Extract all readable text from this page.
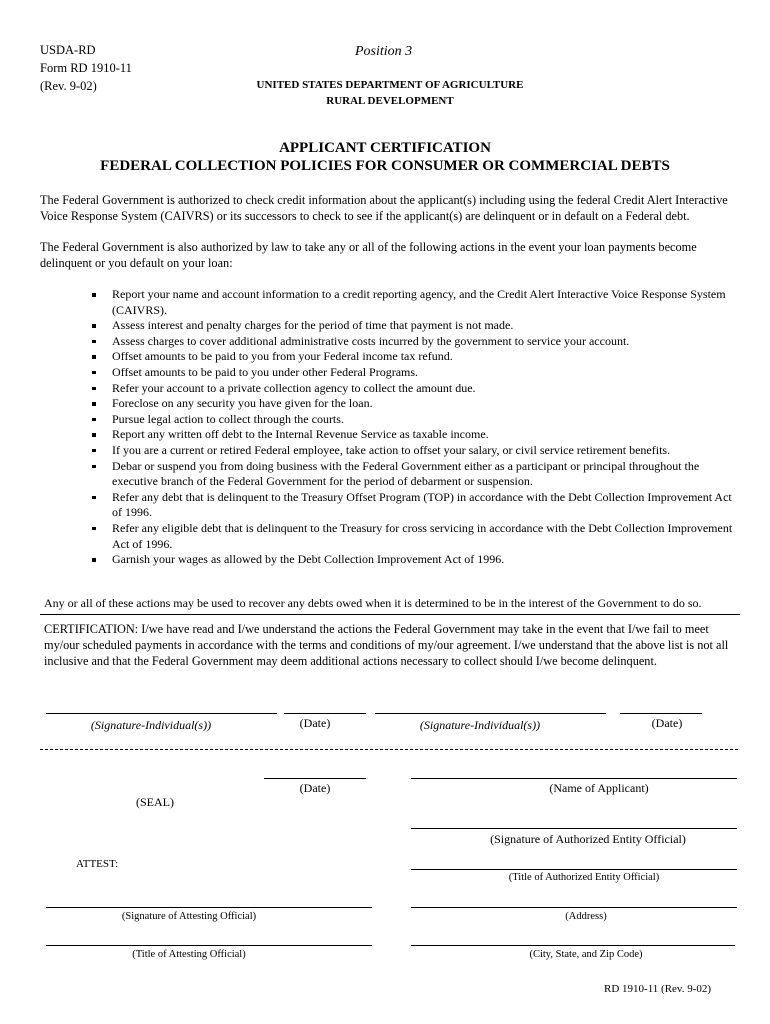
USDA-RD
Form RD 1910-11
(Rev. 9-02)
Position 3
UNITED STATES DEPARTMENT OF AGRICULTURE
RURAL DEVELOPMENT
APPLICANT CERTIFICATION
FEDERAL COLLECTION POLICIES FOR CONSUMER OR COMMERCIAL DEBTS
The Federal Government is authorized to check credit information about the applicant(s) including using the federal Credit Alert Interactive Voice Response System (CAIVRS) or its successors to check to see if the applicant(s) are delinquent or in default on a Federal debt.
The Federal Government is also authorized by law to take any or all of the following actions in the event your loan payments become delinquent or you default on your loan:
Report your name and account information to a credit reporting agency, and the Credit Alert Interactive Voice Response System (CAIVRS).
Assess interest and penalty charges for the period of time that payment is not made.
Assess charges to cover additional administrative costs incurred by the government to service your account.
Offset amounts to be paid to you from your Federal income tax refund.
Offset amounts to be paid to you under other Federal Programs.
Refer your account to a private collection agency to collect the amount due.
Foreclose on any security you have given for the loan.
Pursue legal action to collect through the courts.
Report any written off debt to the Internal Revenue Service as taxable income.
If you are a current or retired Federal employee, take action to offset your salary, or civil service retirement benefits.
Debar or suspend you from doing business with the Federal Government either as a participant or principal throughout the executive branch of the Federal Government for the period of debarment or suspension.
Refer any debt that is delinquent to the Treasury Offset Program (TOP) in accordance with the Debt Collection Improvement Act of 1996.
Refer any eligible debt that is delinquent to the Treasury for cross servicing in accordance with the Debt Collection Improvement Act of 1996.
Garnish your wages as allowed by the Debt Collection Improvement Act of 1996.
Any or all of these actions may be used to recover any debts owed when it is determined to be in the interest of the Government to do so.
CERTIFICATION: I/we have read and I/we understand the actions the Federal Government may take in the event that I/we fail to meet my/our scheduled payments in accordance with the terms and conditions of my/our agreement. I/we understand that the above list is not all inclusive and that the Federal Government may deem additional actions necessary to collect should I/we become delinquent.
(Signature-Individual(s))	(Date)	(Signature-Individual(s))	(Date)
(Date)	(Name of Applicant)
(SEAL)
(Signature of Authorized Entity Official)
ATTEST:
(Title of Authorized Entity Official)
(Signature of Attesting Official)	(Address)
(Title of Attesting Official)	(City, State, and Zip Code)
RD 1910-11 (Rev. 9-02)
